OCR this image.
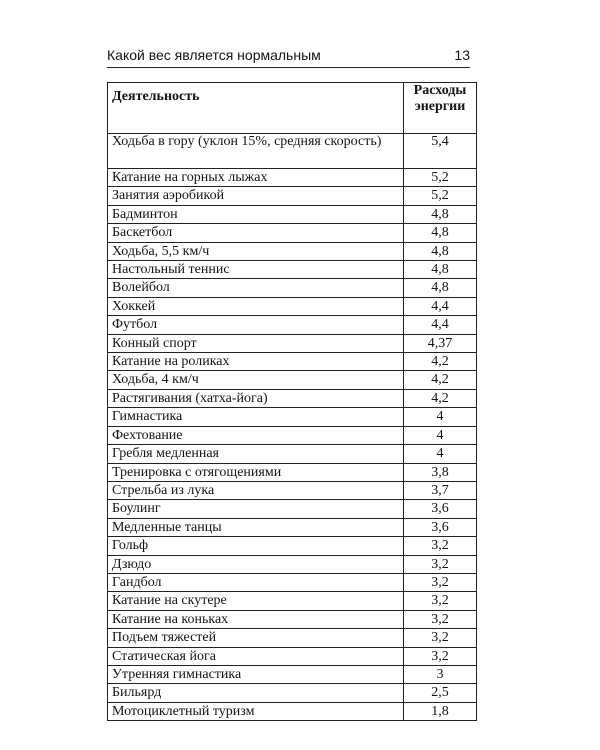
Какой вес является нормальным	13
Деятельность	Расходы энергии
Ходьба в гору (уклон 15%, средняя скорость)	5,4
Катание на горных лыжах	5,2
Занятия аэробикой	5,2
Бадминтон	4,8
Баскетбол	4,8
Ходьба, 5,5 км/ч	4,8
Настольный теннис	4,8
Волейбол	4,8
Хоккей	4,4
Футбол	4,4
Конный спорт	4,37
Катание на роликах	4,2
Ходьба, 4 км/ч	4,2
Растягивания (хатха-йога)	4,2
Гимнастика	4
Фехтование	4
Гребля медленная	4
Тренировка с отягощениями	3,8
Стрельба из лука	3,7
Боулинг	3,6
Медленные танцы	3,6
Гольф	3,2
Дзюдо	3,2
Гандбол	3,2
Катание на скутере	3,2
Катание на коньках	3,2
Подъем тяжестей	3,2
Статическая йога	3,2
Утренняя гимнастика	3
Бильярд	2,5
Мотоциклетный туризм	1,8
